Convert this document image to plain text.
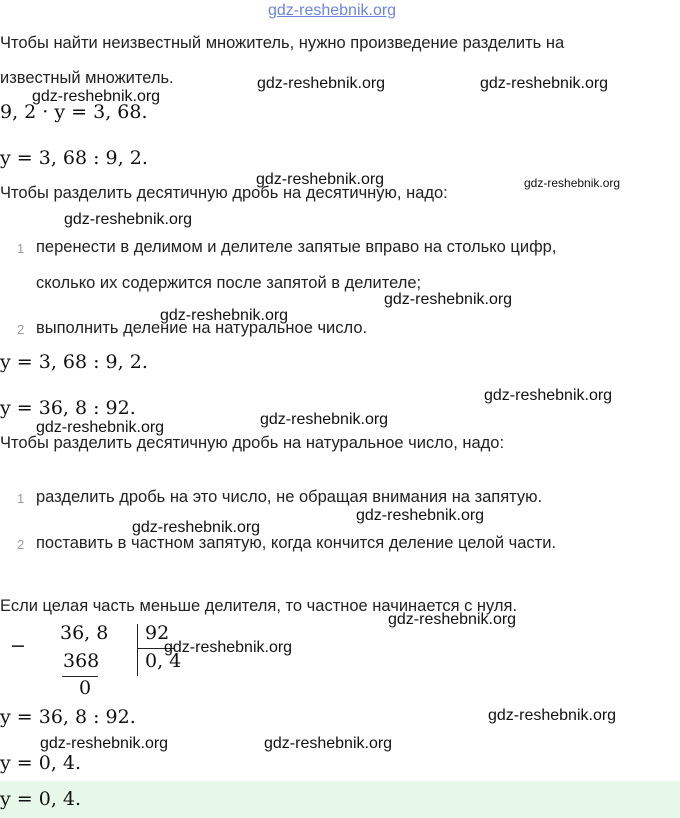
gdz-reshebnik.org
Чтобы найти неизвестный множитель, нужно произведение разделить на
известный множитель.	gdz-reshebnik.org	gdz-reshebnik.org
gdz-reshebnik.org
9, 2 · y = 3, 68.
y = 3, 68 : 9, 2.
gdz-reshebnik.org	gdz-reshebnik.org
Чтобы разделить десятичную дробь на десятичную, надо:
gdz-reshebnik.org
1 перенести в делимом и делителе запятые вправо на столько цифр,
сколько их содержится после запятой в делителе;
gdz-reshebnik.org
gdz-reshebnik.org
2 выполнить деление на натуральное число.
y = 3, 68 : 9, 2.
gdz-reshebnik.org
y = 36, 8 : 92.
gdz-reshebnik.org
gdz-reshebnik.org
Чтобы разделить десятичную дробь на натуральное число, надо:
1 разделить дробь на это число, не обращая внимания на запятую.
gdz-reshebnik.org
gdz-reshebnik.org
2 поставить в частном запятую, когда кончится деление целой части.
Если целая часть меньше делителя, то частное начинается с нуля.
gdz-reshebnik.org
−
36, 8
368
0
92
0, 4
gdz-reshebnik.org
gdz-reshebnik.org
y = 36, 8 : 92.
gdz-reshebnik.org	gdz-reshebnik.org
y = 0, 4.
y = 0, 4.
